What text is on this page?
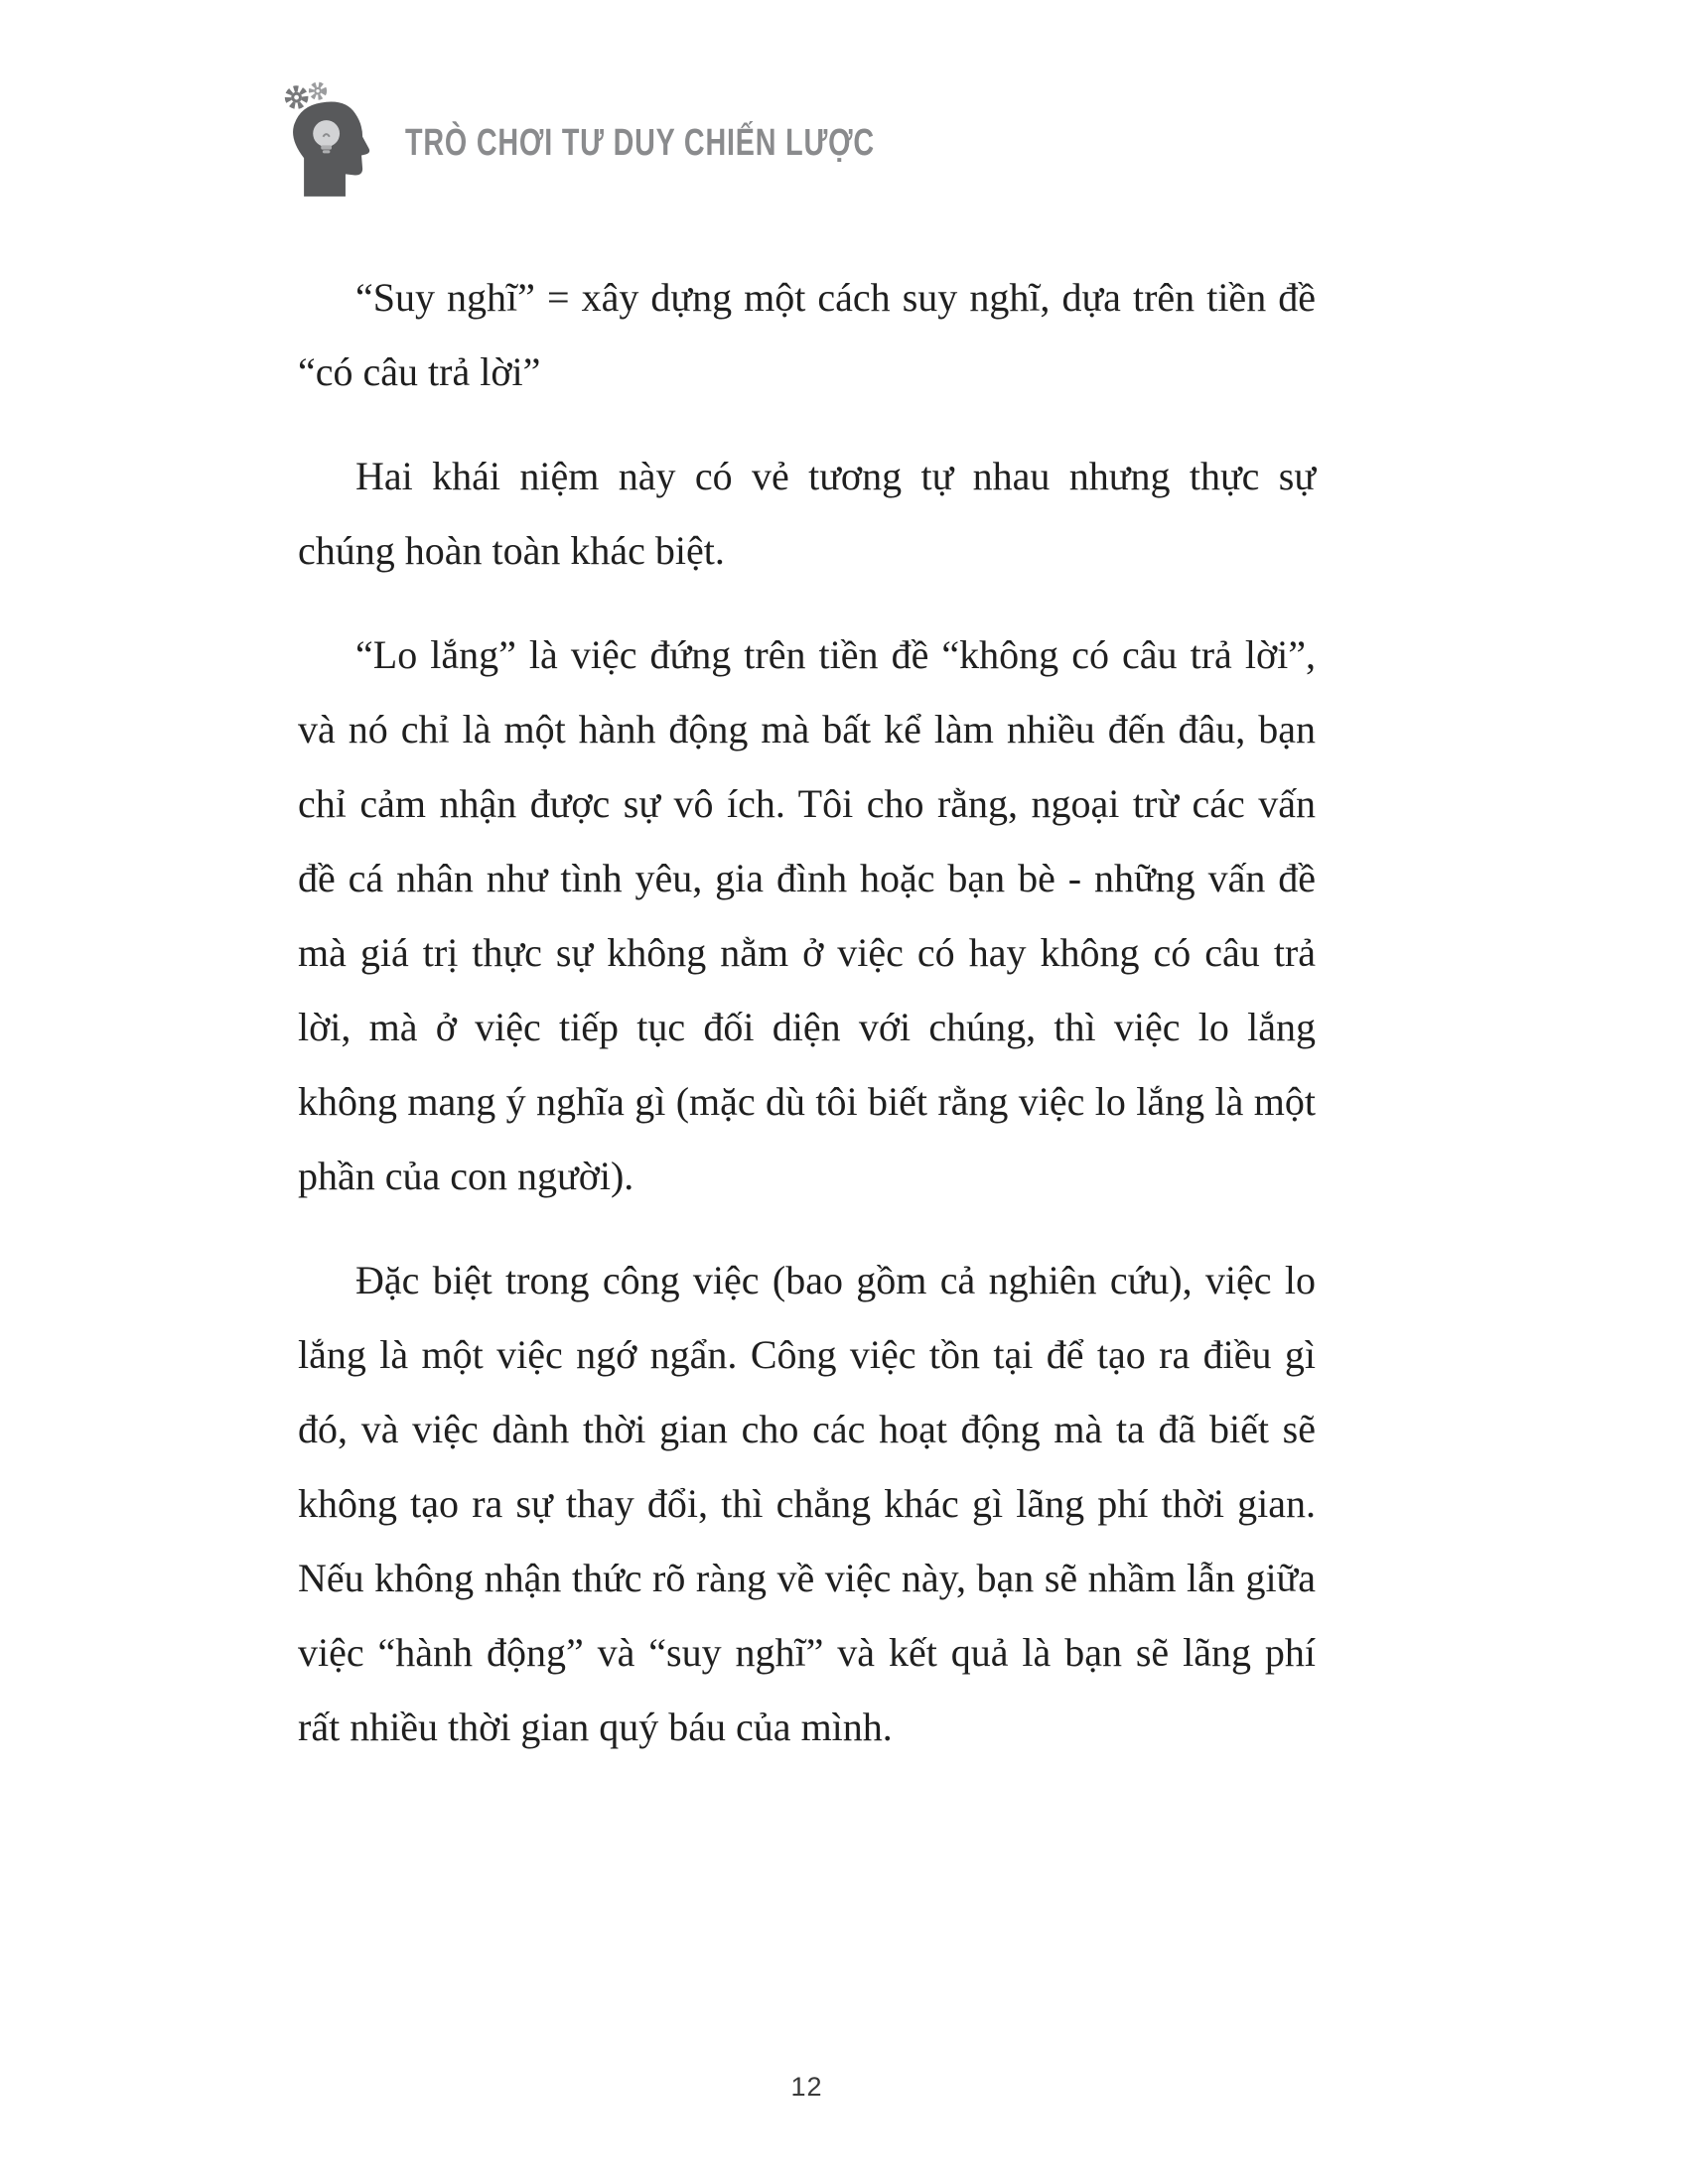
TRÒ CHƠI TƯ DUY CHIẾN LƯỢC

“Suy nghĩ” = xây dựng một cách suy nghĩ, dựa trên tiền đề “có câu trả lời”

Hai khái niệm này có vẻ tương tự nhau nhưng thực sự chúng hoàn toàn khác biệt.

“Lo lắng” là việc đứng trên tiền đề “không có câu trả lời”, và nó chỉ là một hành động mà bất kể làm nhiều đến đâu, bạn chỉ cảm nhận được sự vô ích. Tôi cho rằng, ngoại trừ các vấn đề cá nhân như tình yêu, gia đình hoặc bạn bè - những vấn đề mà giá trị thực sự không nằm ở việc có hay không có câu trả lời, mà ở việc tiếp tục đối diện với chúng, thì việc lo lắng không mang ý nghĩa gì (mặc dù tôi biết rằng việc lo lắng là một phần của con người).

Đặc biệt trong công việc (bao gồm cả nghiên cứu), việc lo lắng là một việc ngớ ngẩn. Công việc tồn tại để tạo ra điều gì đó, và việc dành thời gian cho các hoạt động mà ta đã biết sẽ không tạo ra sự thay đổi, thì chẳng khác gì lãng phí thời gian. Nếu không nhận thức rõ ràng về việc này, bạn sẽ nhầm lẫn giữa việc “hành động” và “suy nghĩ” và kết quả là bạn sẽ lãng phí rất nhiều thời gian quý báu của mình.

12
